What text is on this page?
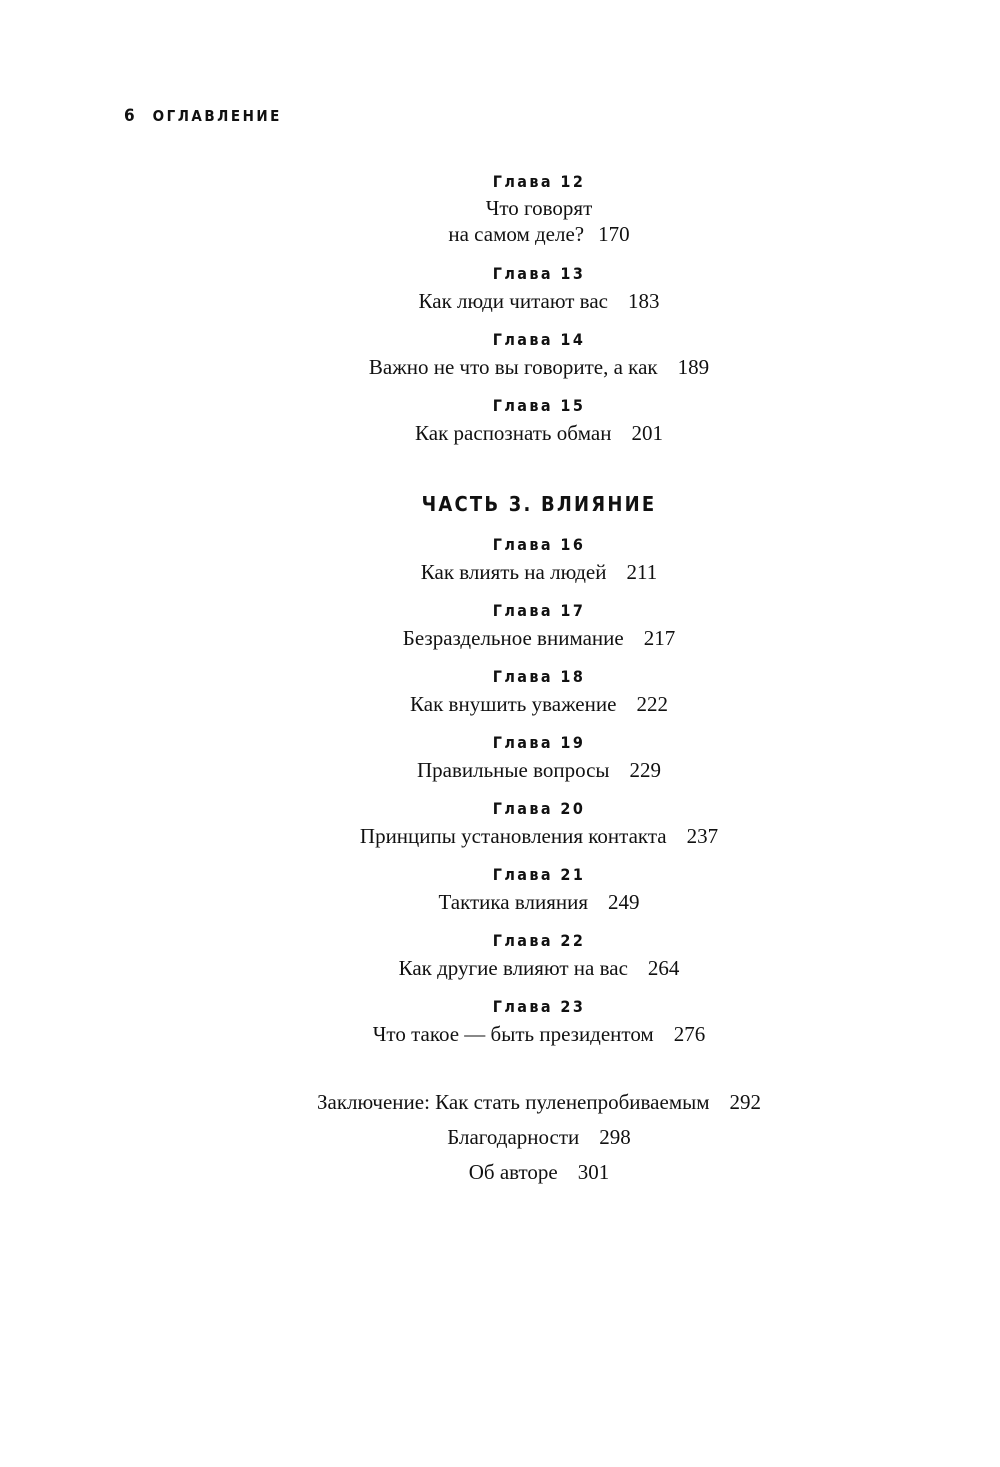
6 ОГЛАВЛЕНИЕ
Глава 12
Что говорят
на самом деле? 170
Глава 13
Как люди читают вас 183
Глава 14
Важно не что вы говорите, а как 189
Глава 15
Как распознать обман 201
ЧАСТЬ 3. ВЛИЯНИЕ
Глава 16
Как влиять на людей 211
Глава 17
Безраздельное внимание 217
Глава 18
Как внушить уважение 222
Глава 19
Правильные вопросы 229
Глава 20
Принципы установления контакта 237
Глава 21
Тактика влияния 249
Глава 22
Как другие влияют на вас 264
Глава 23
Что такое — быть президентом 276
Заключение: Как стать пуленепробиваемым 292
Благодарности 298
Об авторе 301
